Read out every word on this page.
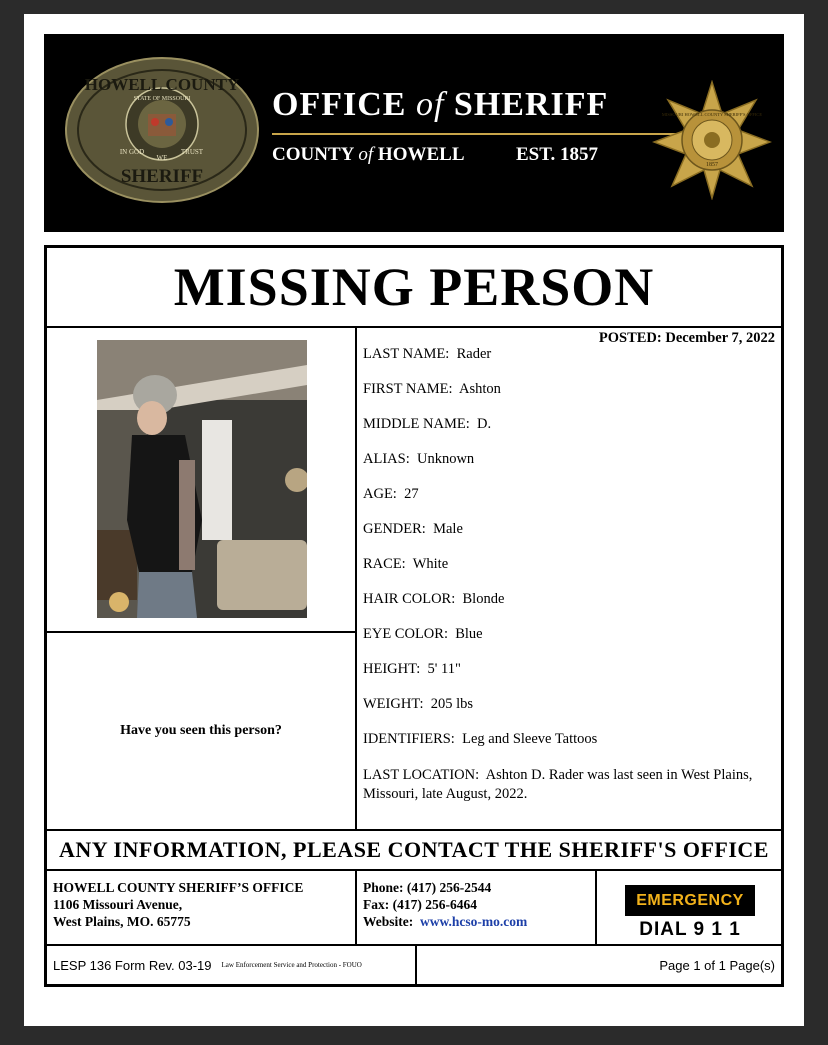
HOWELL COUNTY
STATE OF MISSOURI
IN GOD
WE
TRUST
SHERIFF
OFFICE of SHERIFF
COUNTY of HOWELL	EST. 1857
MISSOURI HOWELL COUNTY SHERIFF'S OFFICE
1857
MISSING PERSON
Have you seen this person?
POSTED: December 7, 2022
LAST NAME: Rader
FIRST NAME: Ashton
MIDDLE NAME: D.
ALIAS: Unknown
AGE: 27
GENDER: Male
RACE: White
HAIR COLOR: Blonde
EYE COLOR: Blue
HEIGHT: 5' 11"
WEIGHT: 205 lbs
IDENTIFIERS: Leg and Sleeve Tattoos
LAST LOCATION: Ashton D. Rader was last seen in West Plains, Missouri, late August, 2022.
ANY INFORMATION, PLEASE CONTACT THE SHERIFF'S OFFICE
HOWELL COUNTY SHERIFF’S OFFICE
1106 Missouri Avenue,
West Plains, MO. 65775
Phone: (417) 256-2544
Fax: (417) 256-6464
Website: www.hcso-mo.com
EMERGENCY
DIAL 9 1 1
LESP 136 Form Rev. 03-19 Law Enforcement Service and Protection - FOUO	Page 1 of 1 Page(s)
